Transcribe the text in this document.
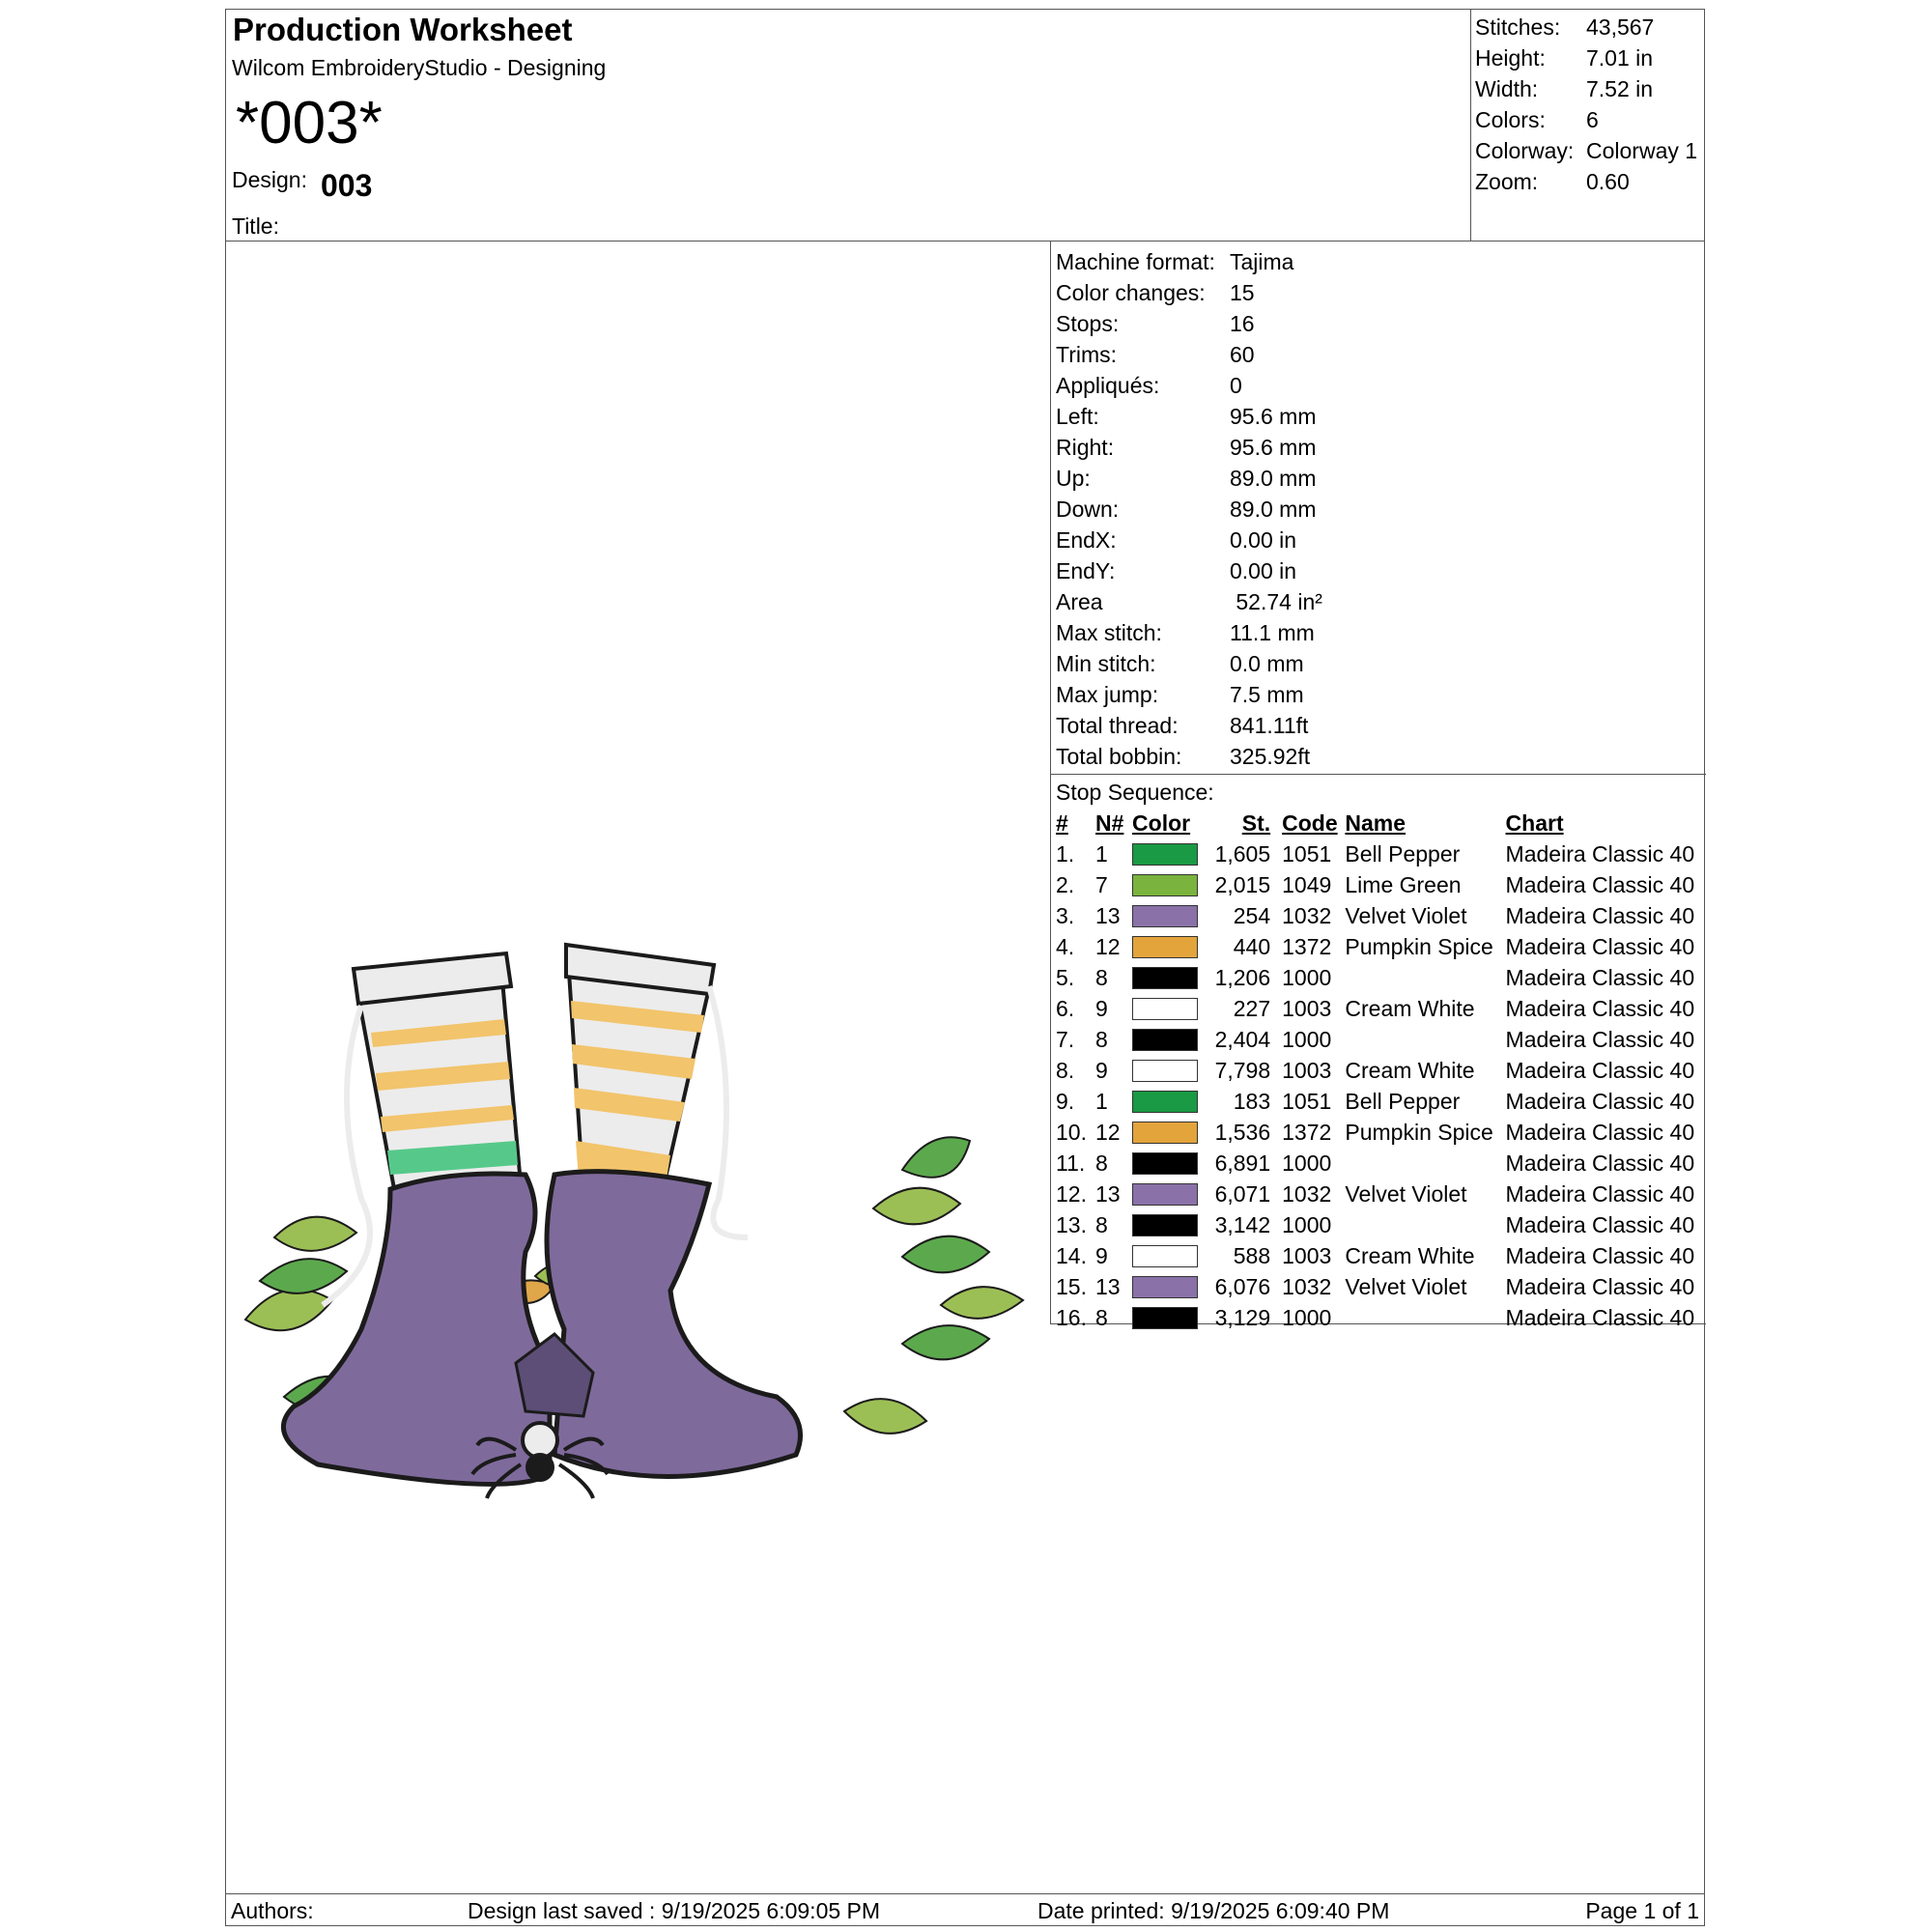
Production Worksheet
Wilcom EmbroideryStudio - Designing
*003*
Design: 003
Title:
Stitches:	43,567
Height:	7.01 in
Width:	7.52 in
Colors:	6
Colorway: Colorway 1
Zoom:	0.60
Machine format: Tajima
Color changes:	15
Stops:	16
Trims:	60
Appliqués:	0
Left:	95.6 mm
Right:	95.6 mm
Up:	89.0 mm
Down:	89.0 mm
EndX:	0.00 in
EndY:	0.00 in
Area	52.74 in²
Max stitch:	11.1 mm
Min stitch:	0.0 mm
Max jump:	7.5 mm
Total thread:	841.11ft
Total bobbin:	325.92ft
Stop Sequence:
#	N#	Color	St.	Code	Name	Chart
1.	1		1,605	1051	Bell Pepper	Madeira Classic 40
2.	7		2,015	1049	Lime Green	Madeira Classic 40
3.	13		254	1032	Velvet Violet	Madeira Classic 40
4.	12		440	1372	Pumpkin Spice	Madeira Classic 40
5.	8		1,206	1000		Madeira Classic 40
6.	9		227	1003	Cream White	Madeira Classic 40
7.	8		2,404	1000		Madeira Classic 40
8.	9		7,798	1003	Cream White	Madeira Classic 40
9.	1		183	1051	Bell Pepper	Madeira Classic 40
10.	12		1,536	1372	Pumpkin Spice	Madeira Classic 40
11.	8		6,891	1000		Madeira Classic 40
12.	13		6,071	1032	Velvet Violet	Madeira Classic 40
13.	8		3,142	1000		Madeira Classic 40
14.	9		588	1003	Cream White	Madeira Classic 40
15.	13		6,076	1032	Velvet Violet	Madeira Classic 40
16.	8		3,129	1000		Madeira Classic 40
Authors:	Design last saved : 9/19/2025 6:09:05 PM	Date printed: 9/19/2025 6:09:40 PM	Page 1 of 1
